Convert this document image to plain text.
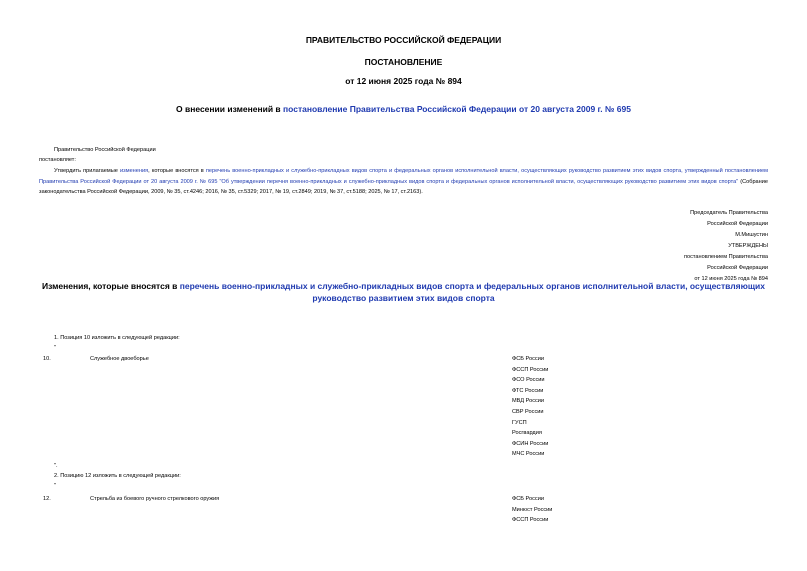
ПРАВИТЕЛЬСТВО РОССИЙСКОЙ ФЕДЕРАЦИИ
ПОСТАНОВЛЕНИЕ
от 12 июня 2025 года № 894
О внесении изменений в постановление Правительства Российской Федерации от 20 августа 2009 г. № 695
Правительство Российской Федерации
постановляет:
Утвердить прилагаемые изменения, которые вносятся в перечень военно-прикладных и служебно-прикладных видов спорта и федеральных органов исполнительной власти, осуществляющих руководство развитием этих видов спорта, утвержденный постановлением Правительства Российской Федерации от 20 августа 2009 г. № 695 "Об утверждении перечня военно-прикладных и служебно-прикладных видов спорта и федеральных органов исполнительной власти, осуществляющих руководство развитием этих видов спорта" (Собрание законодательства Российской Федерации, 2009, № 35, ст.4246; 2016, № 35, ст.5329; 2017, № 19, ст.2849; 2019, № 37, ст.5188; 2025, № 17, ст.2163).
Председатель Правительства
Российской Федерации
М.Мишустин
УТВЕРЖДЕНЫ
постановлением Правительства
Российской Федерации
от 12 июня 2025 года № 894
Изменения, которые вносятся в перечень военно-прикладных и служебно-прикладных видов спорта и федеральных органов исполнительной власти, осуществляющих руководство развитием этих видов спорта
1. Позиция 10 изложить в следующей редакции:
"
10.	Служебное двоеборье	ФСБ России
ФССП России
ФСО России
ФТС России
МВД России
СВР России
ГУСП
Росгвардия
ФСИН России
МЧС России
".
2. Позицию 12 изложить в следующей редакции:
"
12.	Стрельба из боевого ручного стрелкового оружия	ФСБ России
Минюст России
ФССП России
